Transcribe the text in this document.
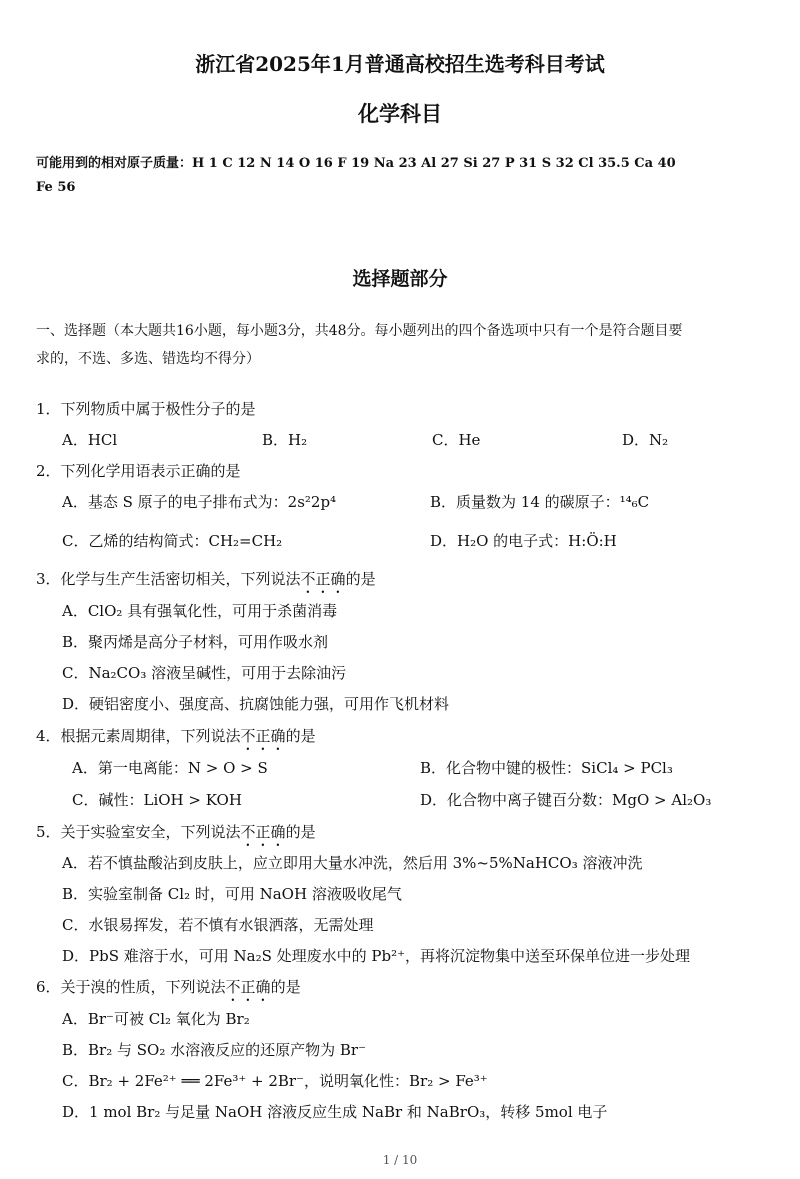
浙江省2025年1月普通高校招生选考科目考试
化学科目
可能用到的相对原子质量：H 1 C 12 N 14 O 16 F 19 Na 23 Al 27 Si 27 P 31 S 32 Cl 35.5 Ca 40
Fe 56
选择题部分
一、选择题（本大题共16小题，每小题3分，共48分。每小题列出的四个备选项中只有一个是符合题目要
求的，不选、多选、错选均不得分）
1．下列物质中属于极性分子的是
A．HCl	B．H₂	C．He	D．N₂
2．下列化学用语表示正确的是
A．基态 S 原子的电子排布式为：2s²2p⁴	B．质量数为 14 的碳原子：¹⁴₆C
C．乙烯的结构简式：CH₂=CH₂	D．H₂O 的电子式：H:Ö:H
3．化学与生产生活密切相关，下列说法不正确的是
A．ClO₂ 具有强氧化性，可用于杀菌消毒
B．聚丙烯是高分子材料，可用作吸水剂
C．Na₂CO₃ 溶液呈碱性，可用于去除油污
D．硬铝密度小、强度高、抗腐蚀能力强，可用作飞机材料
4．根据元素周期律，下列说法不正确的是
A．第一电离能：N > O > S	B．化合物中键的极性：SiCl₄ > PCl₃
C．碱性：LiOH > KOH	D．化合物中离子键百分数：MgO > Al₂O₃
5．关于实验室安全，下列说法不正确的是
A．若不慎盐酸沾到皮肤上，应立即用大量水冲洗，然后用 3%~5%NaHCO₃ 溶液冲洗
B．实验室制备 Cl₂ 时，可用 NaOH 溶液吸收尾气
C．水银易挥发，若不慎有水银洒落，无需处理
D．PbS 难溶于水，可用 Na₂S 处理废水中的 Pb²⁺，再将沉淀物集中送至环保单位进一步处理
6．关于溴的性质，下列说法不正确的是
A．Br⁻可被 Cl₂ 氧化为 Br₂
B．Br₂ 与 SO₂ 水溶液反应的还原产物为 Br⁻
C．Br₂ + 2Fe²⁺ ══ 2Fe³⁺ + 2Br⁻，说明氧化性：Br₂ > Fe³⁺
D．1 mol Br₂ 与足量 NaOH 溶液反应生成 NaBr 和 NaBrO₃，转移 5mol 电子
1 / 10
